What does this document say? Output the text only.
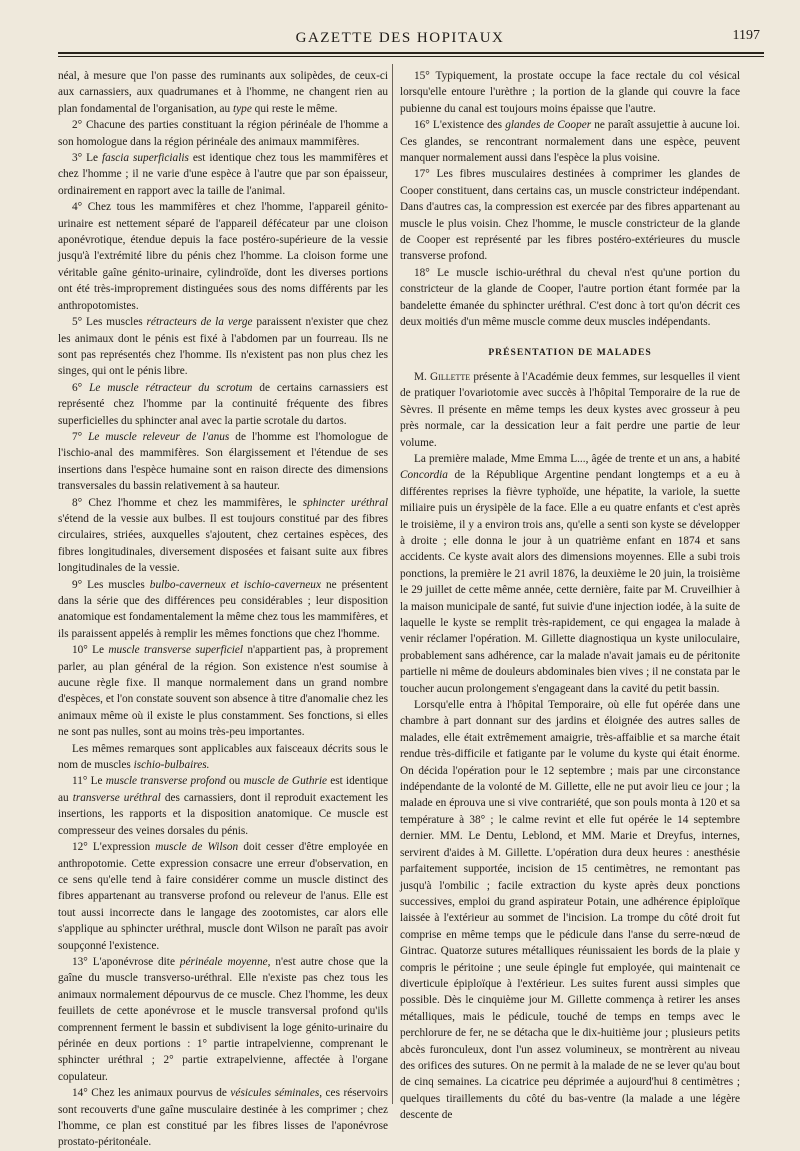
GAZETTE DES HOPITAUX	1197

néal, à mesure que l'on passe des ruminants aux solipèdes, de ceux-ci aux carnassiers, aux quadrumanes et à l'homme, ne changent rien au plan fondamental de l'organisation, au type qui reste le même.

2° Chacune des parties constituant la région périnéale de l'homme a son homologue dans la région périnéale des animaux mammifères.

3° Le fascia superficialis est identique chez tous les mammifères et chez l'homme ; il ne varie d'une espèce à l'autre que par son épaisseur, ordinairement en rapport avec la taille de l'animal.

4° Chez tous les mammifères et chez l'homme, l'appareil génito-urinaire est nettement séparé de l'appareil défécateur par une cloison aponévrotique, étendue depuis la face postéro-supérieure de la vessie jusqu'à l'extrémité libre du pénis chez l'homme. La cloison forme une véritable gaîne génito-urinaire, cylindroïde, dont les diverses portions ont été très-improprement distinguées sous des noms différents par les anthropotomistes.

5° Les muscles rétracteurs de la verge paraissent n'exister que chez les animaux dont le pénis est fixé à l'abdomen par un fourreau. Ils ne sont pas représentés chez l'homme. Ils n'existent pas non plus chez les singes, qui ont le pénis libre.

6° Le muscle rétracteur du scrotum de certains carnassiers est représenté chez l'homme par la continuité fréquente des fibres superficielles du sphincter anal avec la partie scrotale du dartos.

7° Le muscle releveur de l'anus de l'homme est l'homologue de l'ischio-anal des mammifères. Son élargissement et l'étendue de ses insertions dans l'espèce humaine sont en raison directe des dimensions transversales du bassin relativement à sa hauteur.

8° Chez l'homme et chez les mammifères, le sphincter uréthral s'étend de la vessie aux bulbes. Il est toujours constitué par des fibres circulaires, striées, auxquelles s'ajoutent, chez certaines espèces, des fibres longitudinales, diversement disposées et faisant suite aux fibres longitudinales de la vessie.

9° Les muscles bulbo-caverneux et ischio-caverneux ne présentent dans la série que des différences peu considérables ; leur disposition anatomique est fondamentalement la même chez tous les mammifères, et ils paraissent appelés à remplir les mêmes fonctions que chez l'homme.

10° Le muscle transverse superficiel n'appartient pas, à proprement parler, au plan général de la région. Son existence n'est soumise à aucune règle fixe. Il manque normalement dans un grand nombre d'espèces, et l'on constate souvent son absence à titre d'anomalie chez les animaux même où il existe le plus constamment. Ses fonctions, si elles ne sont pas nulles, sont au moins très-peu importantes.

Les mêmes remarques sont applicables aux faisceaux décrits sous le nom de muscles ischio-bulbaires.

11° Le muscle transverse profond ou muscle de Guthrie est identique au transverse uréthral des carnassiers, dont il reproduit exactement les insertions, les rapports et la disposition anatomique. Ce muscle est compresseur des veines dorsales du pénis.

12° L'expression muscle de Wilson doit cesser d'être employée en anthropotomie. Cette expression consacre une erreur d'observation, en ce sens qu'elle tend à faire considérer comme un muscle distinct des fibres appartenant au transverse profond ou releveur de l'anus. Elle est tout aussi incorrecte dans le langage des zootomistes, car alors elle s'applique au sphincter uréthral, muscle dont Wilson ne paraît pas avoir soupçonné l'existence.

13° L'aponévrose dite périnéale moyenne, n'est autre chose que la gaîne du muscle transverso-uréthral. Elle n'existe pas chez tous les animaux normalement dépourvus de ce muscle. Chez l'homme, les deux feuillets de cette aponévrose et le muscle transversal profond qu'ils comprennent ferment le bassin et subdivisent la loge génito-urinaire du périnée en deux portions : 1° partie intrapelvienne, comprenant le sphincter uréthral ; 2° partie extrapelvienne, affectée à l'organe copulateur.

14° Chez les animaux pourvus de vésicules séminales, ces réservoirs sont recouverts d'une gaîne musculaire destinée à les comprimer ; chez l'homme, ce plan est constitué par les fibres lisses de l'aponévrose prostato-péritonéale.

15° Typiquement, la prostate occupe la face rectale du col vésical lorsqu'elle entoure l'urèthre ; la portion de la glande qui couvre la face pubienne du canal est toujours moins épaisse que l'autre.

16° L'existence des glandes de Cooper ne paraît assujettie à aucune loi. Ces glandes, se rencontrant normalement dans une espèce, peuvent manquer normalement aussi dans l'espèce la plus voisine.

17° Les fibres musculaires destinées à comprimer les glandes de Cooper constituent, dans certains cas, un muscle constricteur indépendant. Dans d'autres cas, la compression est exercée par des fibres appartenant au muscle le plus voisin. Chez l'homme, le muscle constricteur de la glande de Cooper est représenté par les fibres postéro-extérieures du muscle transverse profond.

18° Le muscle ischio-uréthral du cheval n'est qu'une portion du constricteur de la glande de Cooper, l'autre portion étant formée par la bandelette émanée du sphincter uréthral. C'est donc à tort qu'on décrit ces deux moitiés d'un même muscle comme deux muscles indépendants.

PRÉSENTATION DE MALADES

M. Gillette présente à l'Académie deux femmes, sur lesquelles il vient de pratiquer l'ovariotomie avec succès à l'hôpital Temporaire de la rue de Sèvres. Il présente en même temps les deux kystes avec grosseur à peu près normale, car la dessication leur a fait perdre une partie de leur volume.

La première malade, Mme Emma L..., âgée de trente et un ans, a habité Concordia de la République Argentine pendant longtemps et a eu à différentes reprises la fièvre typhoïde, une hépatite, la variole, la suette miliaire puis un érysipèle de la face. Elle a eu quatre enfants et c'est après le troisième, il y a environ trois ans, qu'elle a senti son kyste se développer à droite ; elle donna le jour à un quatrième enfant en 1874 et sans accidents. Ce kyste avait alors des dimensions moyennes. Elle a subi trois ponctions, la première le 21 avril 1876, la deuxième le 20 juin, la troisième le 29 juillet de cette même année, cette dernière, faite par M. Cruveilhier à la maison municipale de santé, fut suivie d'une injection iodée, à la suite de laquelle le kyste se remplit très-rapidement, ce qui engagea la malade à venir réclamer l'opération. M. Gillette diagnostiqua un kyste uniloculaire, probablement sans adhérence, car la malade n'avait jamais eu de péritonite partielle ni même de douleurs abdominales bien vives ; il ne constata par le toucher aucun prolongement s'engageant dans la cavité du petit bassin.

Lorsqu'elle entra à l'hôpital Temporaire, où elle fut opérée dans une chambre à part donnant sur des jardins et éloignée des autres salles de malades, elle était extrêmement amaigrie, très-affaiblie et sa marche était rendue très-difficile et fatigante par le volume du kyste qui était énorme. On décida l'opération pour le 12 septembre ; mais par une circonstance indépendante de la volonté de M. Gillette, elle ne put avoir lieu ce jour ; la malade en éprouva une si vive contrariété, que son pouls monta à 120 et sa température à 38° ; le calme revint et elle fut opérée le 14 septembre dernier. MM. Le Dentu, Leblond, et MM. Marie et Dreyfus, internes, servirent d'aides à M. Gillette. L'opération dura deux heures : anesthésie parfaitement supportée, incision de 15 centimètres, ne remontant pas jusqu'à l'ombilic ; facile extraction du kyste après deux ponctions successives, emploi du grand aspirateur Potain, une adhérence épiploïque laissée à l'extérieur au sommet de l'incision. La trompe du côté droit fut comprise en même temps que le pédicule dans l'anse du serre-nœud de Gintrac. Quatorze sutures métalliques réunissaient les bords de la plaie y compris le péritoine ; une seule épingle fut employée, qui maintenait ce diverticule épiploïque à l'extérieur. Les suites furent aussi simples que possible. Dès le cinquième jour M. Gillette commença à retirer les anses métalliques, mais le pédicule, touché de temps en temps avec le perchlorure de fer, ne se détacha que le dix-huitième jour ; plusieurs petits abcès furonculeux, dont l'un assez volumineux, se montrèrent au niveau des orifices des sutures. On ne permit à la malade de ne se lever qu'au bout de cinq semaines. La cicatrice peu déprimée a aujourd'hui 8 centimètres ; quelques tiraillements du côté du bas-ventre (la malade a une légère descente de
